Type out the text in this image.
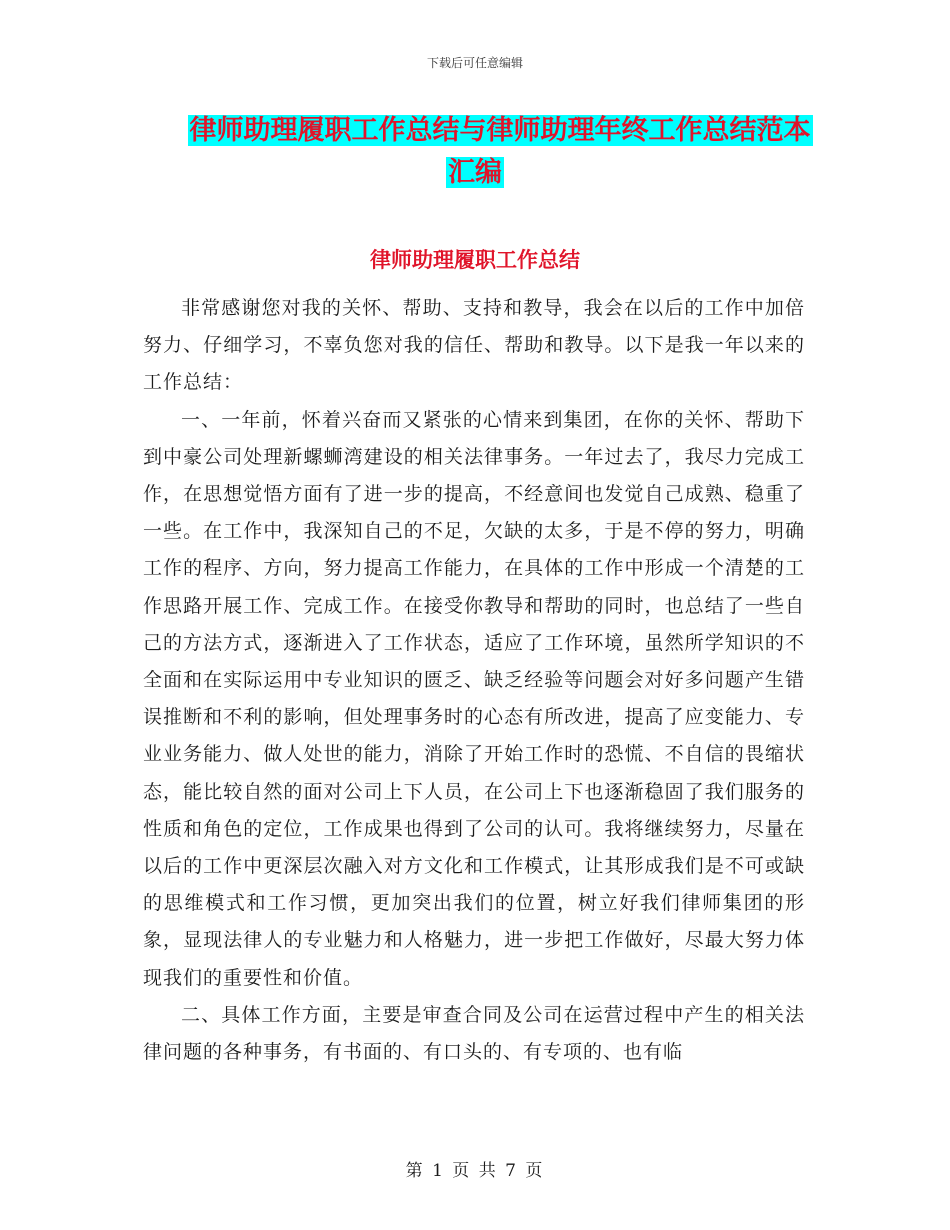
下载后可任意编辑
律师助理履职工作总结与律师助理年终工作总结范本
汇编
律师助理履职工作总结

非常感谢您对我的关怀、帮助、支持和教导，我会在以后的工作中加倍努力、仔细学习，不辜负您对我的信任、帮助和教导。以下是我一年以来的工作总结：

一、一年前，怀着兴奋而又紧张的心情来到集团，在你的关怀、帮助下到中豪公司处理新螺蛳湾建设的相关法律事务。一年过去了，我尽力完成工作，在思想觉悟方面有了进一步的提高，不经意间也发觉自己成熟、稳重了一些。在工作中，我深知自己的不足，欠缺的太多，于是不停的努力，明确工作的程序、方向，努力提高工作能力，在具体的工作中形成一个清楚的工作思路开展工作、完成工作。在接受你教导和帮助的同时，也总结了一些自己的方法方式，逐渐进入了工作状态，适应了工作环境，虽然所学知识的不全面和在实际运用中专业知识的匮乏、缺乏经验等问题会对好多问题产生错误推断和不利的影响，但处理事务时的心态有所改进，提高了应变能力、专业业务能力、做人处世的能力，消除了开始工作时的恐慌、不自信的畏缩状态，能比较自然的面对公司上下人员，在公司上下也逐渐稳固了我们服务的性质和角色的定位，工作成果也得到了公司的认可。我将继续努力，尽量在以后的工作中更深层次融入对方文化和工作模式，让其形成我们是不可或缺的思维模式和工作习惯，更加突出我们的位置，树立好我们律师集团的形象，显现法律人的专业魅力和人格魅力，进一步把工作做好，尽最大努力体现我们的重要性和价值。

二、具体工作方面，主要是审查合同及公司在运营过程中产生的相关法律问题的各种事务，有书面的、有口头的、有专项的、也有临

第 1 页 共 7 页
